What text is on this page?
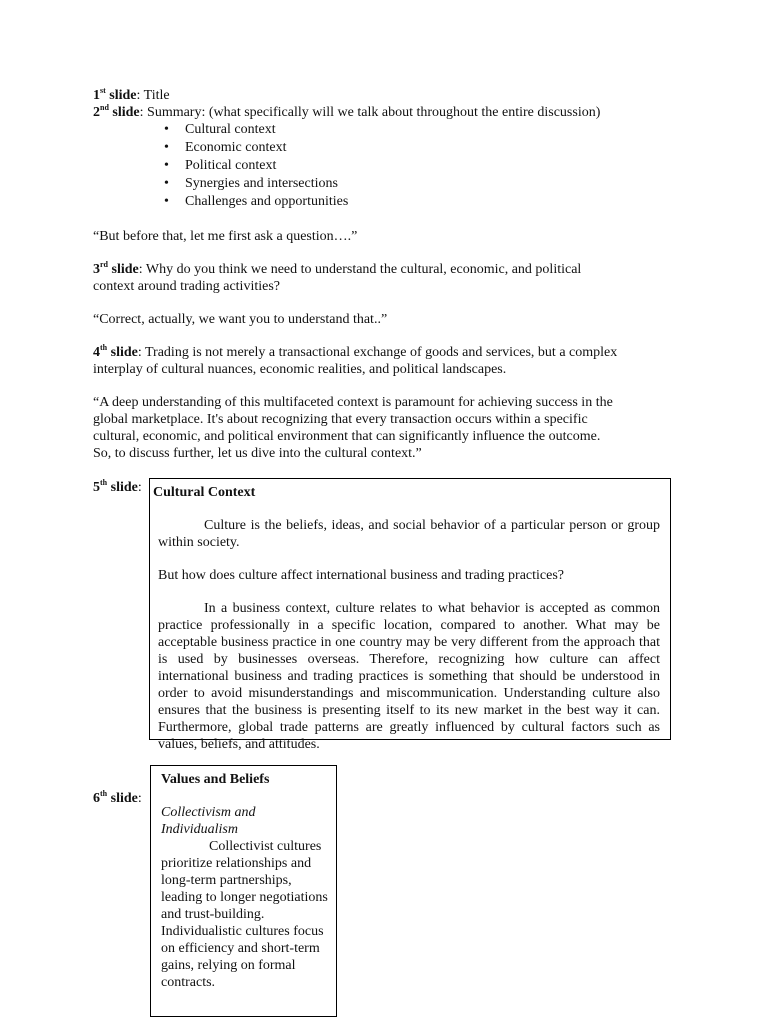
1st slide: Title

2nd slide: Summary: (what specifically will we talk about throughout the entire discussion)

• Cultural context
• Economic context
• Political context
• Synergies and intersections
• Challenges and opportunities

“But before that, let me first ask a question….”

3rd slide: Why do you think we need to understand the cultural, economic, and political

context around trading activities?

“Correct, actually, we want you to understand that..”

4th slide: Trading is not merely a transactional exchange of goods and services, but a complex

interplay of cultural nuances, economic realities, and political landscapes.

“A deep understanding of this multifaceted context is paramount for achieving success in the

global marketplace. It's about recognizing that every transaction occurs within a specific

cultural, economic, and political environment that can significantly influence the outcome.

So, to discuss further, let us dive into the cultural context.”

5th slide: Cultural Context

Culture is the beliefs, ideas, and social behavior of a particular person or group within society.

But how does culture affect international business and trading practices?

In a business context, culture relates to what behavior is accepted as common practice professionally in a specific location, compared to another. What may be acceptable business practice in one country may be very different from the approach that is used by businesses overseas. Therefore, recognizing how culture can affect international business and trading practices is something that should be understood in order to avoid misunderstandings and miscommunication. Understanding culture also ensures that the business is presenting itself to its new market in the best way it can. Furthermore, global trade patterns are greatly influenced by cultural factors such as values, beliefs, and attitudes.

6th slide:
Values and Beliefs
Collectivism and Individualism
Collectivist cultures prioritize relationships and long-term partnerships, leading to longer negotiations and trust-building. Individualistic cultures focus on efficiency and short-term gains, relying on formal contracts.
